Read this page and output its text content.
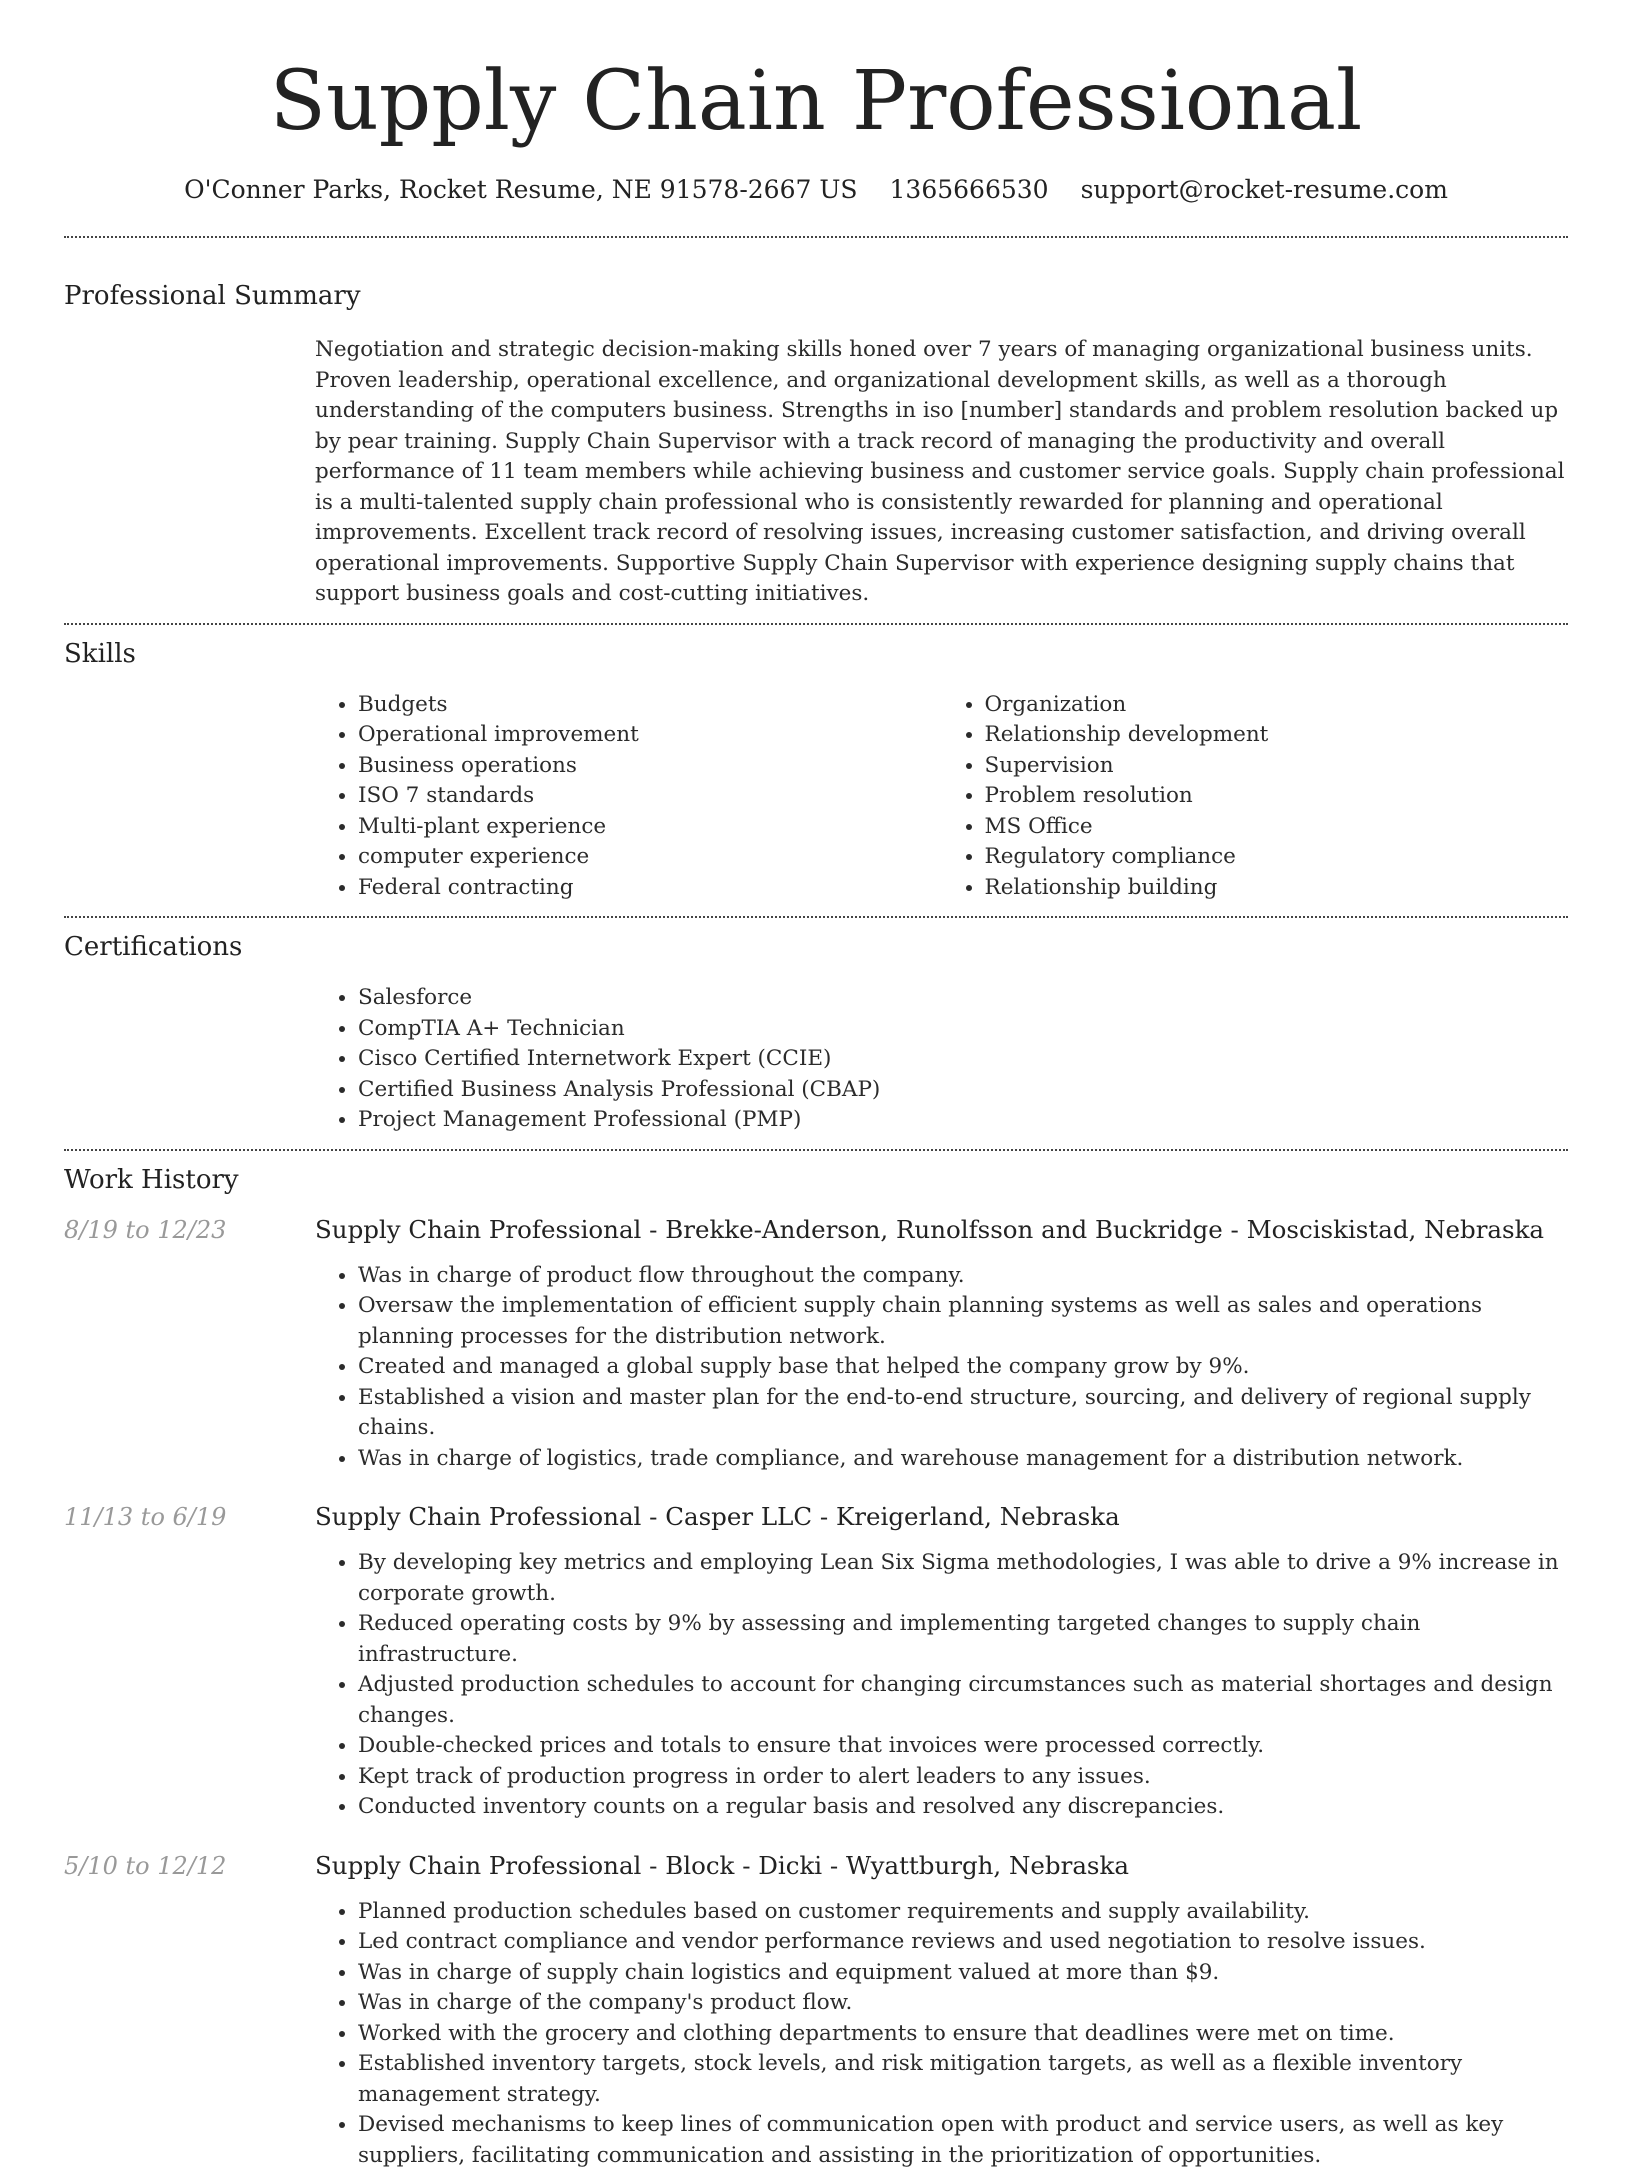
Supply Chain Professional
O'Conner Parks, Rocket Resume, NE 91578-2667 US 1365666530 support@rocket-resume.com
Professional Summary

Negotiation and strategic decision-making skills honed over 7 years of managing organizational business units. Proven leadership, operational excellence, and organizational development skills, as well as a thorough understanding of the computers business. Strengths in iso [number] standards and problem resolution backed up by pear training. Supply Chain Supervisor with a track record of managing the productivity and overall performance of 11 team members while achieving business and customer service goals. Supply chain professional is a multi-talented supply chain professional who is consistently rewarded for planning and operational improvements. Excellent track record of resolving issues, increasing customer satisfaction, and driving overall operational improvements. Supportive Supply Chain Supervisor with experience designing supply chains that support business goals and cost-cutting initiatives.

Skills
• Budgets
• Operational improvement
• Business operations
• ISO 7 standards
• Multi-plant experience
• computer experience
• Federal contracting
• Organization
• Relationship development
• Supervision
• Problem resolution
• MS Office
• Regulatory compliance
• Relationship building
Certifications
• Salesforce
• CompTIA A+ Technician
• Cisco Certified Internetwork Expert (CCIE)
• Certified Business Analysis Professional (CBAP)
• Project Management Professional (PMP)
Work History
8/19 to 12/23	Supply Chain Professional - Brekke-Anderson, Runolfsson and Buckridge - Mosciskistad, Nebraska
• Was in charge of product flow throughout the company.
• Oversaw the implementation of efficient supply chain planning systems as well as sales and operations planning processes for the distribution network.
• Created and managed a global supply base that helped the company grow by 9%.
• Established a vision and master plan for the end-to-end structure, sourcing, and delivery of regional supply chains.
• Was in charge of logistics, trade compliance, and warehouse management for a distribution network.
11/13 to 6/19	Supply Chain Professional - Casper LLC - Kreigerland, Nebraska
• By developing key metrics and employing Lean Six Sigma methodologies, I was able to drive a 9% increase in corporate growth.
• Reduced operating costs by 9% by assessing and implementing targeted changes to supply chain infrastructure.
• Adjusted production schedules to account for changing circumstances such as material shortages and design changes.
• Double-checked prices and totals to ensure that invoices were processed correctly.
• Kept track of production progress in order to alert leaders to any issues.
• Conducted inventory counts on a regular basis and resolved any discrepancies.
5/10 to 12/12	Supply Chain Professional - Block - Dicki - Wyattburgh, Nebraska
• Planned production schedules based on customer requirements and supply availability.
• Led contract compliance and vendor performance reviews and used negotiation to resolve issues.
• Was in charge of supply chain logistics and equipment valued at more than $9.
• Was in charge of the company's product flow.
• Worked with the grocery and clothing departments to ensure that deadlines were met on time.
• Established inventory targets, stock levels, and risk mitigation targets, as well as a flexible inventory management strategy.
• Devised mechanisms to keep lines of communication open with product and service users, as well as key suppliers, facilitating communication and assisting in the prioritization of opportunities.
